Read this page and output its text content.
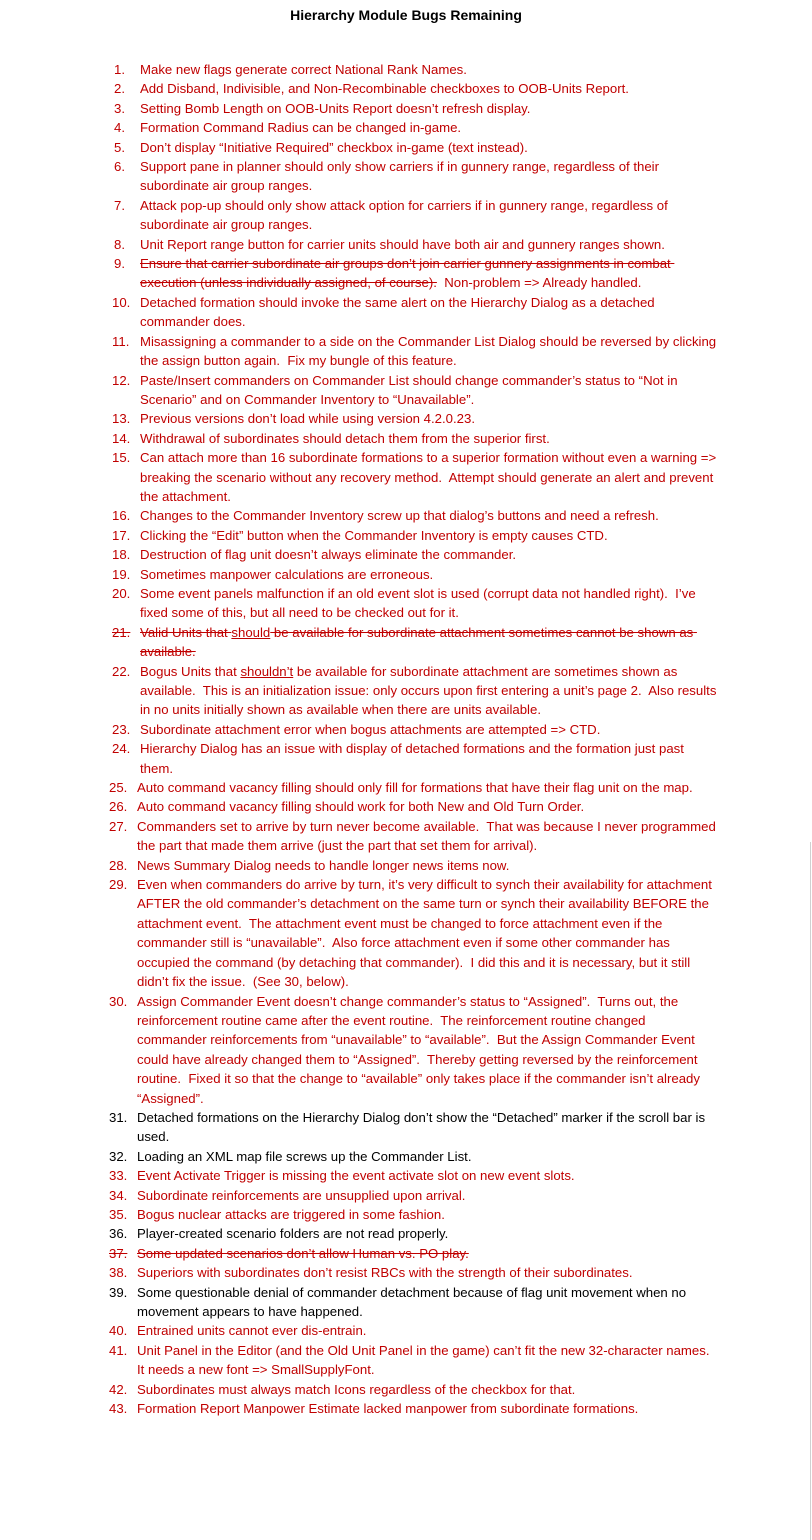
Hierarchy Module Bugs Remaining
1.	Make new flags generate correct National Rank Names.
2.	Add Disband, Indivisible, and Non-Recombinable checkboxes to OOB-Units Report.
3.	Setting Bomb Length on OOB-Units Report doesn’t refresh display.
4.	Formation Command Radius can be changed in-game.
5.	Don’t display “Initiative Required” checkbox in-game (text instead).
6.	Support pane in planner should only show carriers if in gunnery range, regardless of their subordinate air group ranges.
7.	Attack pop-up should only show attack option for carriers if in gunnery range, regardless of subordinate air group ranges.
8.	Unit Report range button for carrier units should have both air and gunnery ranges shown.
9.	Ensure that carrier subordinate air groups don’t join carrier gunnery assignments in combat execution (unless individually assigned, of course).  Non-problem => Already handled.
10. Detached formation should invoke the same alert on the Hierarchy Dialog as a detached commander does.
11. Misassigning a commander to a side on the Commander List Dialog should be reversed by clicking the assign button again.  Fix my bungle of this feature.
12. Paste/Insert commanders on Commander List should change commander’s status to “Not in Scenario” and on Commander Inventory to “Unavailable”.
13. Previous versions don’t load while using version 4.2.0.23.
14. Withdrawal of subordinates should detach them from the superior first.
15. Can attach more than 16 subordinate formations to a superior formation without even a warning => breaking the scenario without any recovery method.  Attempt should generate an alert and prevent the attachment.
16. Changes to the Commander Inventory screw up that dialog’s buttons and need a refresh.
17. Clicking the “Edit” button when the Commander Inventory is empty causes CTD.
18. Destruction of flag unit doesn’t always eliminate the commander.
19. Sometimes manpower calculations are erroneous.
20. Some event panels malfunction if an old event slot is used (corrupt data not handled right).  I’ve fixed some of this, but all need to be checked out for it.
21. Valid Units that should be available for subordinate attachment sometimes cannot be shown as available.
22. Bogus Units that shouldn’t be available for subordinate attachment are sometimes shown as available.  This is an initialization issue: only occurs upon first entering a unit’s page 2.  Also results in no units initially shown as available when there are units available.
23. Subordinate attachment error when bogus attachments are attempted => CTD.
24. Hierarchy Dialog has an issue with display of detached formations and the formation just past them.
25. Auto command vacancy filling should only fill for formations that have their flag unit on the map.
26. Auto command vacancy filling should work for both New and Old Turn Order.
27. Commanders set to arrive by turn never become available.  That was because I never programmed the part that made them arrive (just the part that set them for arrival).
28. News Summary Dialog needs to handle longer news items now.
29. Even when commanders do arrive by turn, it’s very difficult to synch their availability for attachment AFTER the old commander’s detachment on the same turn or synch their availability BEFORE the attachment event.  The attachment event must be changed to force attachment even if the commander still is “unavailable”.  Also force attachment even if some other commander has occupied the command (by detaching that commander).  I did this and it is necessary, but it still didn’t fix the issue.  (See 30, below).
30. Assign Commander Event doesn’t change commander’s status to “Assigned”.  Turns out, the reinforcement routine came after the event routine.  The reinforcement routine changed commander reinforcements from “unavailable” to “available”.  But the Assign Commander Event could have already changed them to “Assigned”.  Thereby getting reversed by the reinforcement routine.  Fixed it so that the change to “available” only takes place if the commander isn’t already “Assigned”.
31. Detached formations on the Hierarchy Dialog don’t show the “Detached” marker if the scroll bar is used.
32. Loading an XML map file screws up the Commander List.
33. Event Activate Trigger is missing the event activate slot on new event slots.
34. Subordinate reinforcements are unsupplied upon arrival.
35. Bogus nuclear attacks are triggered in some fashion.
36. Player-created scenario folders are not read properly.
37. Some updated scenarios don’t allow Human vs. PO play.
38. Superiors with subordinates don’t resist RBCs with the strength of their subordinates.
39. Some questionable denial of commander detachment because of flag unit movement when no movement appears to have happened.
40. Entrained units cannot ever dis-entrain.
41. Unit Panel in the Editor (and the Old Unit Panel in the game) can’t fit the new 32-character names.  It needs a new font => SmallSupplyFont.
42. Subordinates must always match Icons regardless of the checkbox for that.
43. Formation Report Manpower Estimate lacked manpower from subordinate formations.
